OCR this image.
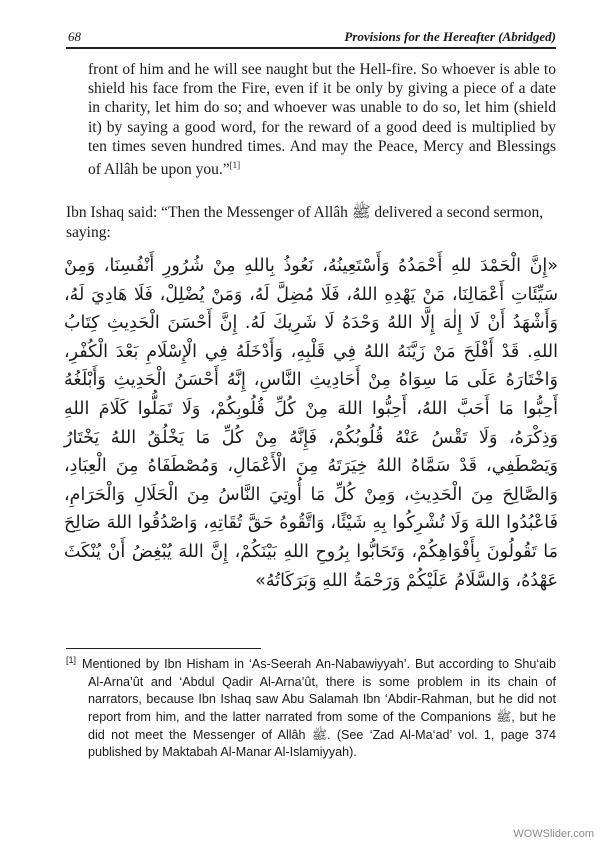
68	Provisions for the Hereafter (Abridged)
front of him and he will see naught but the Hell-fire. So whoever is able to shield his face from the Fire, even if it be only by giving a piece of a date in charity, let him do so; and whoever was unable to do so, let him (shield it) by saying a good word, for the reward of a good deed is multiplied by ten times seven hundred times. And may the Peace, Mercy and Blessings of Allâh be upon you.”[1]
Ibn Ishaq said: “Then the Messenger of Allâh ﷺ delivered a second sermon, saying:
«إِنَّ الْحَمْدَ للهِ أَحْمَدُهُ وَأَسْتَعِينُهُ، نَعُوذُ بِاللهِ مِنْ شُرُورِ أَنْفُسِنَا، وَمِنْ سَيِّئَاتِ أَعْمَالِنَا، مَنْ يَهْدِهِ اللهُ، فَلَا مُضِلَّ لَهُ، وَمَنْ يُضْلِلْ، فَلَا هَادِيَ لَهُ، وَأَشْهَدُ أَنْ لَا إِلٰهَ إِلَّا اللهُ وَحْدَهُ لَا شَرِيكَ لَهُ. إِنَّ أَحْسَنَ الْحَدِيثِ كِتَابُ اللهِ. قَدْ أَفْلَحَ مَنْ زَيَّنَهُ اللهُ فِي قَلْبِهِ، وَأَدْخَلَهُ فِي الْإِسْلَامِ بَعْدَ الْكُفْرِ، وَاخْتَارَهُ عَلَى مَا سِوَاهُ مِنْ أَحَادِيثِ النَّاسِ، إِنَّهُ أَحْسَنُ الْحَدِيثِ وَأَبْلَغُهُ أَحِبُّوا مَا أَحَبَّ اللهُ، أَحِبُّوا اللهَ مِنْ كُلِّ قُلُوبِكُمْ، وَلَا تَمَلُّوا كَلَامَ اللهِ وَذِكْرَهُ، وَلَا تَقْسُ عَنْهُ قُلُوبُكُمْ، فَإِنَّهُ مِنْ كُلِّ مَا يَخْلُقُ اللهُ يَخْتَارُ وَيَصْطَفِي، قَدْ سَمَّاهُ اللهُ خِيَرَتَهُ مِنَ الْأَعْمَالِ، وَمُصْطَفَاهُ مِنَ الْعِبَادِ، وَالصَّالِحَ مِنَ الْحَدِيثِ، وَمِنْ كُلِّ مَا أُوتِيَ النَّاسُ مِنَ الْحَلَالِ وَالْحَرَامِ، فَاعْبُدُوا اللهَ وَلَا تُشْرِكُوا بِهِ شَيْئًا، وَاتَّقُوهُ حَقَّ تُقَاتِهِ، وَاصْدُقُوا اللهَ صَالِحَ مَا تَقُولُونَ بِأَفْوَاهِكُمْ، وَتَحَابُّوا بِرُوحِ اللهِ بَيْنَكُمْ، إِنَّ اللهَ يُبْغِضُ أَنْ يُنْكَثَ عَهْدُهُ، وَالسَّلَامُ عَلَيْكُمْ وَرَحْمَةُ اللهِ وَبَرَكَاتُهُ»
[1] Mentioned by Ibn Hisham in ‘As-Seerah An-Nabawiyyah’. But according to Shu‘aib Al-Arna’ût and ‘Abdul Qadir Al-Arna’ût, there is some problem in its chain of narrators, because Ibn Ishaq saw Abu Salamah Ibn ‘Abdir-Rahman, but he did not report from him, and the latter narrated from some of the Companions ﷺ, but he did not meet the Messenger of Allâh ﷺ. (See ‘Zad Al-Ma‘ad’ vol. 1, page 374 published by Maktabah Al-Manar Al-Islamiyyah).
WOWSlider.com
